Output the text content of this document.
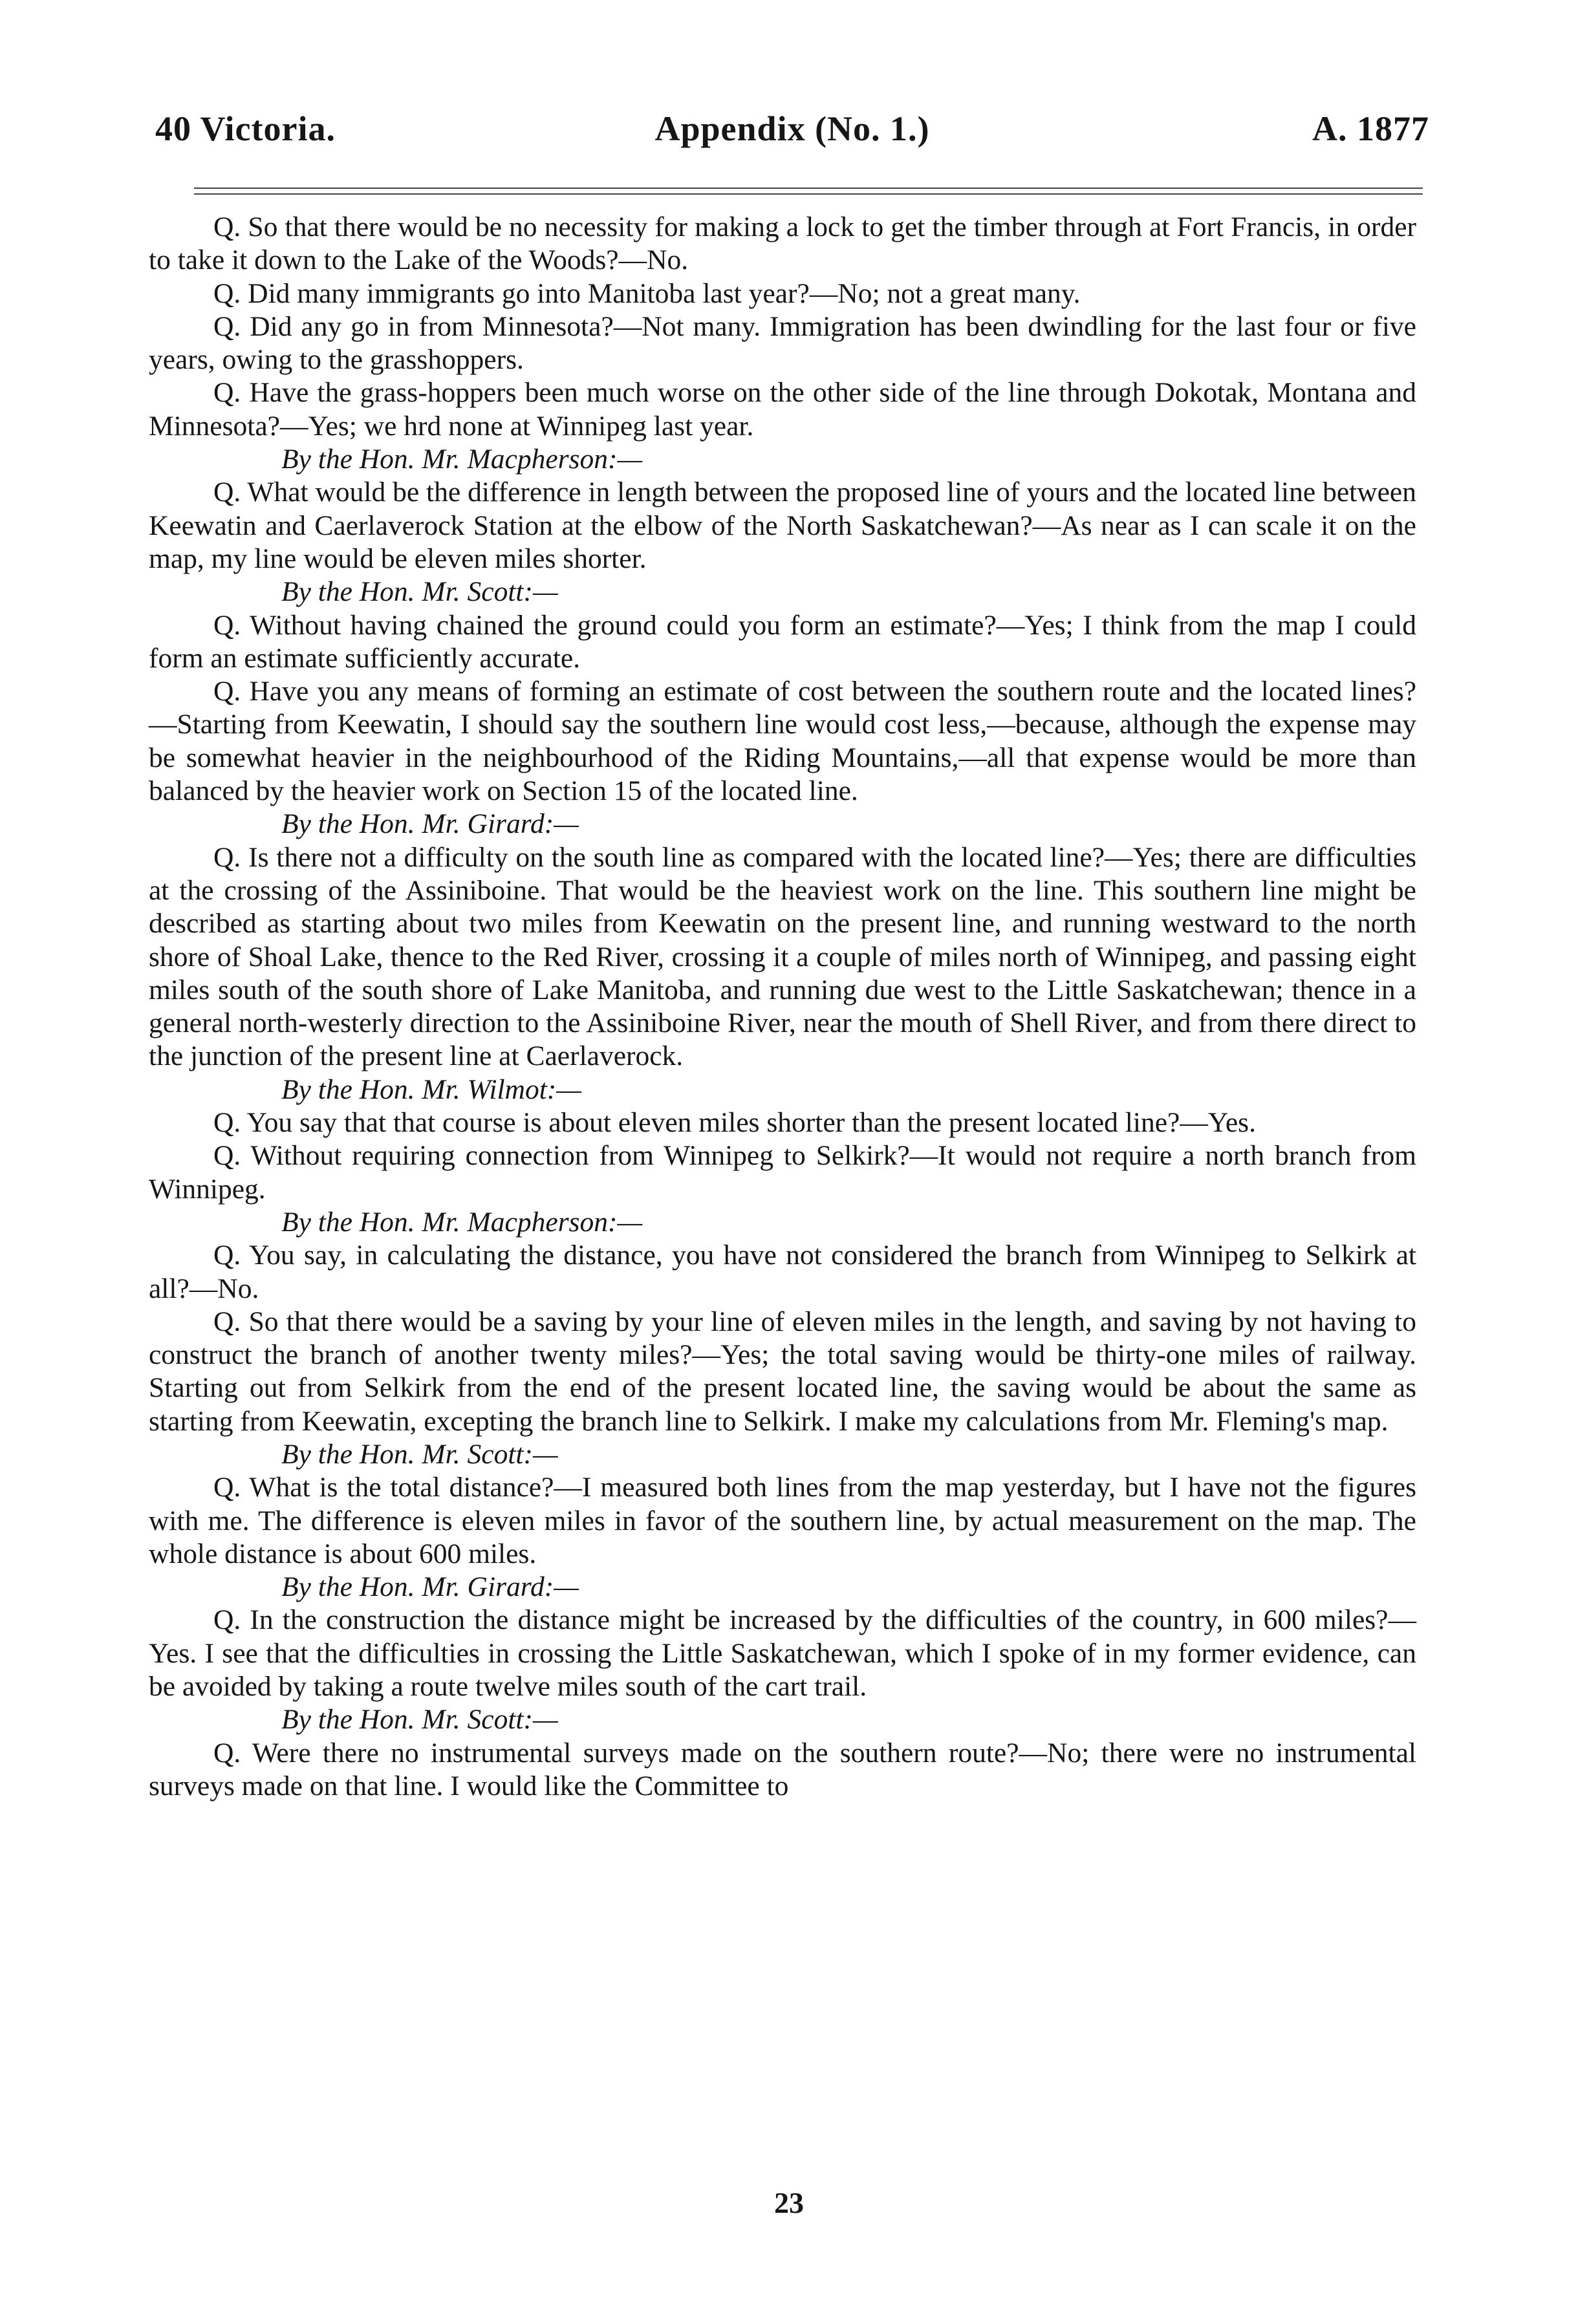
40 Victoria.	Appendix (No. 1.)	A. 1877

Q. So that there would be no necessity for making a lock to get the timber through at Fort Francis, in order to take it down to the Lake of the Woods?—No.

Q. Did many immigrants go into Manitoba last year?—No; not a great many.

Q. Did any go in from Minnesota?—Not many. Immigration has been dwindling for the last four or five years, owing to the grasshoppers.

Q. Have the grass-hoppers been much worse on the other side of the line through Dokotak, Montana and Minnesota?—Yes; we hrd none at Winnipeg last year.

By the Hon. Mr. Macpherson:—

Q. What would be the difference in length between the proposed line of yours and the located line between Keewatin and Caerlaverock Station at the elbow of the North Saskatchewan?—As near as I can scale it on the map, my line would be eleven miles shorter.

By the Hon. Mr. Scott:—

Q. Without having chained the ground could you form an estimate?—Yes; I think from the map I could form an estimate sufficiently accurate.

Q. Have you any means of forming an estimate of cost between the southern route and the located lines?—Starting from Keewatin, I should say the southern line would cost less,—because, although the expense may be somewhat heavier in the neighbourhood of the Riding Mountains,—all that expense would be more than balanced by the heavier work on Section 15 of the located line.

By the Hon. Mr. Girard:—

Q. Is there not a difficulty on the south line as compared with the located line?—Yes; there are difficulties at the crossing of the Assiniboine. That would be the heaviest work on the line. This southern line might be described as starting about two miles from Keewatin on the present line, and running westward to the north shore of Shoal Lake, thence to the Red River, crossing it a couple of miles north of Winnipeg, and passing eight miles south of the south shore of Lake Manitoba, and running due west to the Little Saskatchewan; thence in a general north-westerly direction to the Assiniboine River, near the mouth of Shell River, and from there direct to the junction of the present line at Caerlaverock.

By the Hon. Mr. Wilmot:—

Q. You say that that course is about eleven miles shorter than the present located line?—Yes.

Q. Without requiring connection from Winnipeg to Selkirk?—It would not require a north branch from Winnipeg.

By the Hon. Mr. Macpherson:—

Q. You say, in calculating the distance, you have not considered the branch from Winnipeg to Selkirk at all?—No.

Q. So that there would be a saving by your line of eleven miles in the length, and saving by not having to construct the branch of another twenty miles?—Yes; the total saving would be thirty-one miles of railway. Starting out from Selkirk from the end of the present located line, the saving would be about the same as starting from Keewatin, excepting the branch line to Selkirk. I make my calculations from Mr. Fleming's map.

By the Hon. Mr. Scott:—

Q. What is the total distance?—I measured both lines from the map yesterday, but I have not the figures with me. The difference is eleven miles in favor of the southern line, by actual measurement on the map. The whole distance is about 600 miles.

By the Hon. Mr. Girard:—

Q. In the construction the distance might be increased by the difficulties of the country, in 600 miles?—Yes. I see that the difficulties in crossing the Little Saskatchewan, which I spoke of in my former evidence, can be avoided by taking a route twelve miles south of the cart trail.

By the Hon. Mr. Scott:—

Q. Were there no instrumental surveys made on the southern route?—No; there were no instrumental surveys made on that line. I would like the Committee to

23
